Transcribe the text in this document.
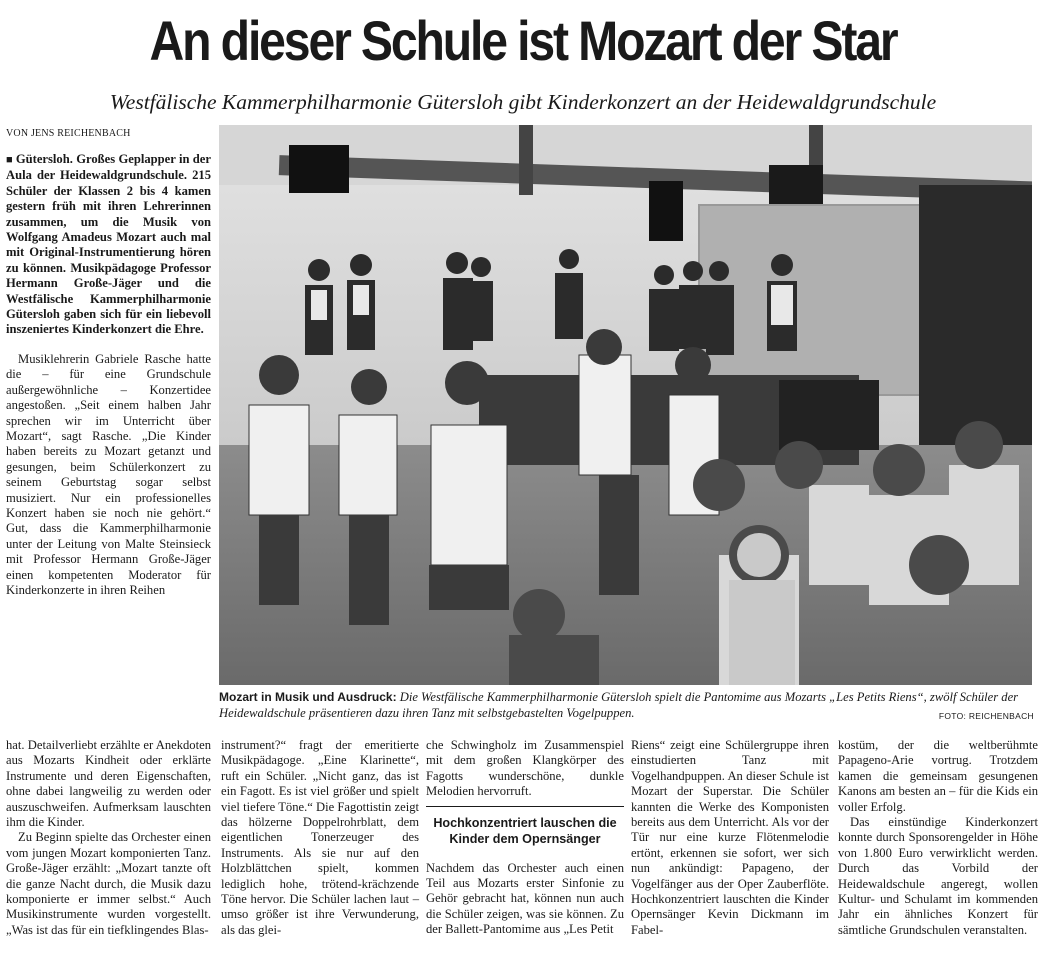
An dieser Schule ist Mozart der Star
Westfälische Kammerphilharmonie Gütersloh gibt Kinderkonzert an der Heidewaldgrundschule
VON JENS REICHENBACH

■ Gütersloh. Großes Geplapper in der Aula der Heidewaldgrundschule. 215 Schüler der Klassen 2 bis 4 kamen gestern früh mit ihren Lehrerinnen zusammen, um die Musik von Wolfgang Amadeus Mozart auch mal mit Original-Instrumentierung hören zu können. Musikpädagoge Professor Hermann Große-Jäger und die Westfälische Kammerphilharmonie Gütersloh gaben sich für ein liebevoll inszeniertes Kinderkonzert die Ehre.

Musiklehrerin Gabriele Rasche hatte die – für eine Grundschule außergewöhnliche – Konzertidee angestoßen. „Seit einem halben Jahr sprechen wir im Unterricht über Mozart“, sagt Rasche. „Die Kinder haben bereits zu Mozart getanzt und gesungen, beim Schülerkonzert zu seinem Geburtstag sogar selbst musiziert. Nur ein professionelles Konzert haben sie noch nie gehört.“ Gut, dass die Kammerphilharmonie unter der Leitung von Malte Steinsieck mit Professor Hermann Große-Jäger einen kompetenten Moderator für Kinderkonzerte in ihren Reihen

Mozart in Musik und Ausdruck: Die Westfälische Kammerphilharmonie Gütersloh spielt die Pantomime aus Mozarts „Les Petits Riens“, zwölf Schüler der Heidewaldschule präsentieren dazu ihren Tanz mit selbstgebastelten Vogelpuppen.	FOTO: REICHENBACH

hat. Detailverliebt erzählte er Anekdoten aus Mozarts Kindheit oder erklärte Instrumente und deren Eigenschaften, ohne dabei langweilig zu werden oder auszuschweifen. Aufmerksam lauschten ihm die Kinder.

Zu Beginn spielte das Orchester einen vom jungen Mozart komponierten Tanz. Große-Jäger erzählt: „Mozart tanzte oft die ganze Nacht durch, die Musik dazu komponierte er immer selbst.“ Auch Musikinstrumente wurden vorgestellt. „Was ist das für ein tiefklingendes Blas-

instrument?“ fragt der emeritierte Musikpädagoge. „Eine Klarinette“, ruft ein Schüler. „Nicht ganz, das ist ein Fagott. Es ist viel größer und spielt viel tiefere Töne.“ Die Fagottistin zeigt das hölzerne Doppelrohrblatt, dem eigentlichen Tonerzeuger des Instruments. Als sie nur auf den Holzblättchen spielt, kommen lediglich hohe, trötend-krächzende Töne hervor. Die Schüler lachen laut – umso größer ist ihre Verwunderung, als das glei-

che Schwingholz im Zusammenspiel mit dem großen Klangkörper des Fagotts wunderschöne, dunkle Melodien hervorruft.

Hochkonzentriert lauschen die Kinder dem Opernsänger

Nachdem das Orchester auch einen Teil aus Mozarts erster Sinfonie zu Gehör gebracht hat, können nun auch die Schüler zeigen, was sie können. Zu der Ballett-Pantomime aus „Les Petit

Riens“ zeigt eine Schülergruppe ihren einstudierten Tanz mit Vogelhandpuppen. An dieser Schule ist Mozart der Superstar. Die Schüler kannten die Werke des Komponisten bereits aus dem Unterricht. Als vor der Tür nur eine kurze Flötenmelodie ertönt, erkennen sie sofort, wer sich nun ankündigt: Papageno, der Vogelfänger aus der Oper Zauberflöte. Hochkonzentriert lauschten die Kinder Opernsänger Kevin Dickmann im Fabel-

kostüm, der die weltberühmte Papageno-Arie vortrug. Trotzdem kamen die gemeinsam gesungenen Kanons am besten an – für die Kids ein voller Erfolg.

Das einstündige Kinderkonzert konnte durch Sponsorengelder in Höhe von 1.800 Euro verwirklicht werden. Durch das Vorbild der Heidewaldschule angeregt, wollen Kultur- und Schulamt im kommenden Jahr ein ähnliches Konzert für sämtliche Grundschulen veranstalten.
